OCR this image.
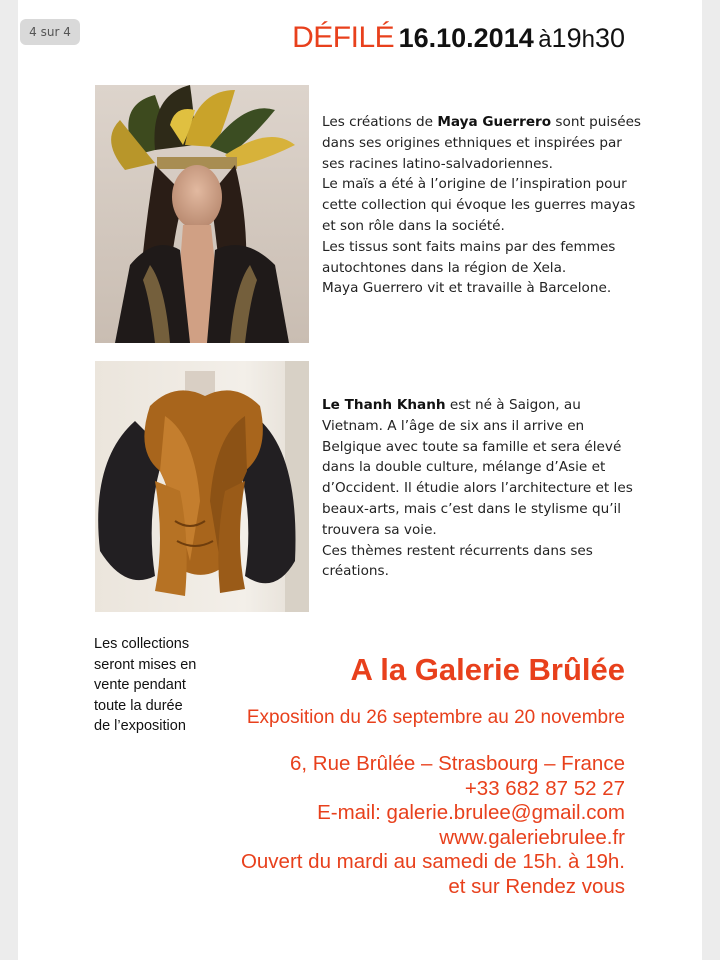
4 sur 4	DÉFILÉ 16.10.2014 à19h30
Les créations de Maya Guerrero sont puisées dans ses origines ethniques et inspirées par ses racines latino-salvadoriennes.
Le maïs a été à l’origine de l’inspiration pour cette collection qui évoque les guerres mayas et son rôle dans la société.
Les tissus sont faits mains par des femmes autochtones dans la région de Xela.
Maya Guerrero vit et travaille à Barcelone.
Le Thanh Khanh est né à Saigon, au Vietnam. A l’âge de six ans il arrive en Belgique avec toute sa famille et sera élevé dans la double culture, mélange d’Asie et d’Occident. Il étudie alors l’architecture et les beaux-arts, mais c’est dans le stylisme qu’il trouvera sa voie.
Ces thèmes restent récurrents dans ses créations.
Les collections
seront mises en
vente pendant
toute la durée
de l’exposition
A la Galerie Brûlée
Exposition du 26 septembre au 20 novembre
6, Rue Brûlée – Strasbourg – France
+33 682 87 52 27
E-mail: galerie.brulee@gmail.com
www.galeriebrulee.fr
Ouvert du mardi au samedi de 15h. à 19h.
et sur Rendez vous
